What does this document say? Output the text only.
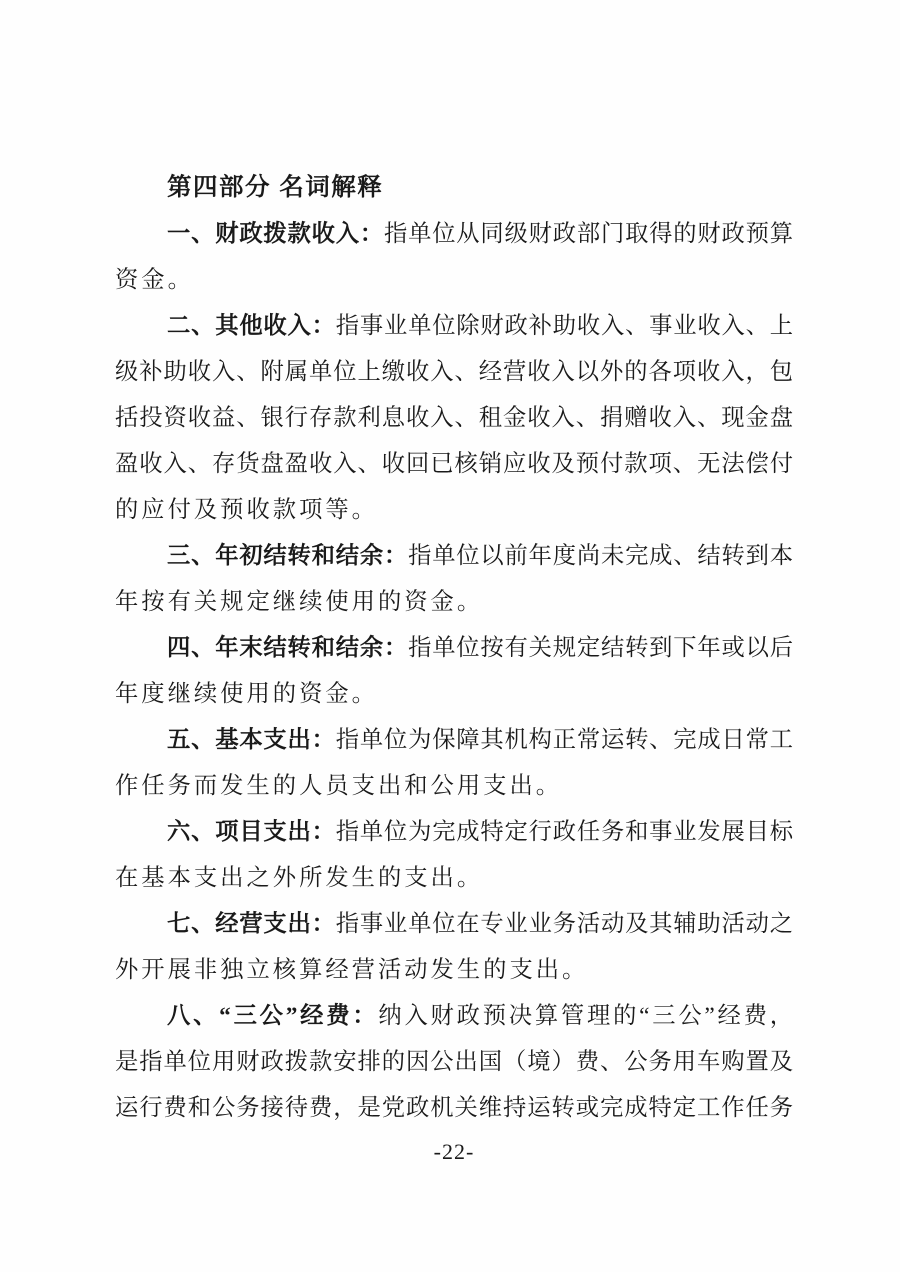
第四部分 名词解释
一、财政拨款收入：指单位从同级财政部门取得的财政预算
资金。
二、其他收入：指事业单位除财政补助收入、事业收入、上
级补助收入、附属单位上缴收入、经营收入以外的各项收入，包
括投资收益、银行存款利息收入、租金收入、捐赠收入、现金盘
盈收入、存货盘盈收入、收回已核销应收及预付款项、无法偿付
的应付及预收款项等。
三、年初结转和结余：指单位以前年度尚未完成、结转到本
年按有关规定继续使用的资金。
四、年末结转和结余：指单位按有关规定结转到下年或以后
年度继续使用的资金。
五、基本支出：指单位为保障其机构正常运转、完成日常工
作任务而发生的人员支出和公用支出。
六、项目支出：指单位为完成特定行政任务和事业发展目标
在基本支出之外所发生的支出。
七、经营支出：指事业单位在专业业务活动及其辅助活动之
外开展非独立核算经营活动发生的支出。
八、“三公”经费：纳入财政预决算管理的“三公”经费，
是指单位用财政拨款安排的因公出国（境）费、公务用车购置及
运行费和公务接待费，是党政机关维持运转或完成特定工作任务
-22-
